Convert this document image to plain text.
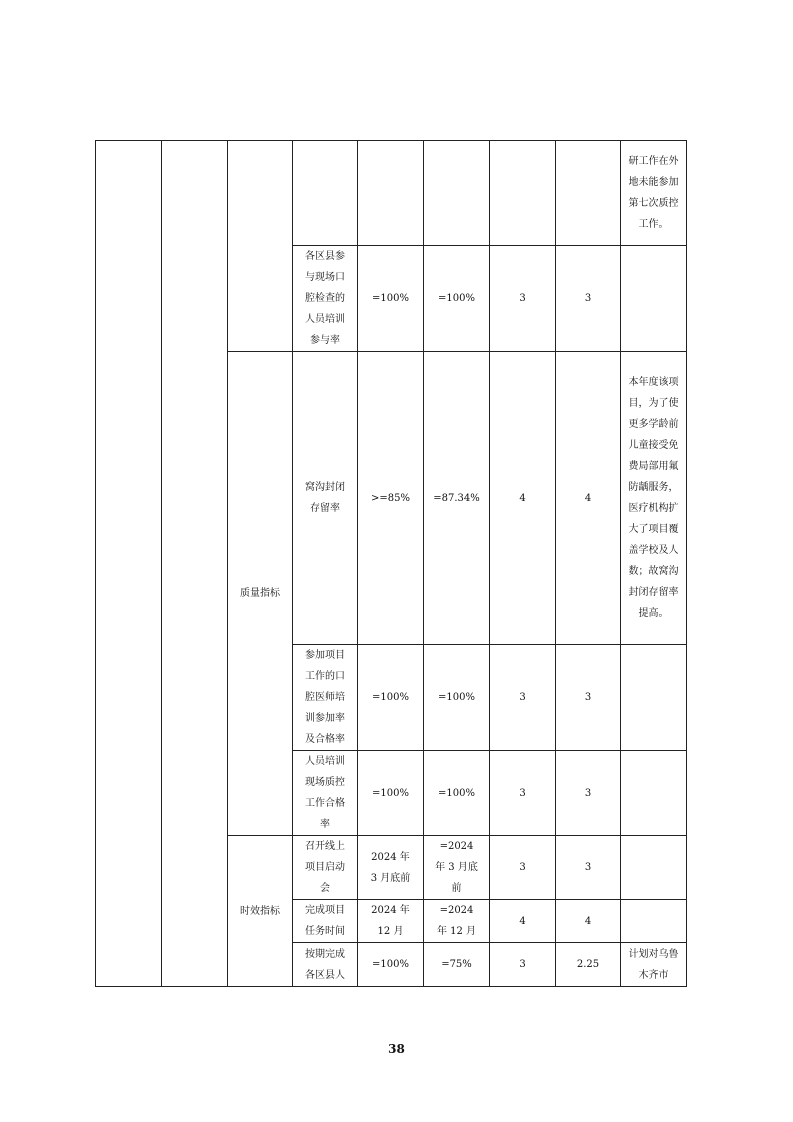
								研工作在外地未能参加第七次质控工作。
			各区县参与现场口腔检查的人员培训参与率	=100%	=100%	3	3	
		质量指标	窝沟封闭存留率	>=85%	=87.34%	4	4	本年度该项目，为了使更多学龄前儿童接受免费局部用氟防龋服务，医疗机构扩大了项目覆盖学校及人数；故窝沟封闭存留率提高。
			参加项目工作的口腔医师培训参加率及合格率	=100%	=100%	3	3	
			人员培训现场质控工作合格率	=100%	=100%	3	3	
		时效指标	召开线上项目启动会	2024 年 3 月底前	=2024 年 3 月底前	3	3	
			完成项目任务时间	2024 年 12 月	=2024 年 12 月	4	4	
			按期完成各区县人	=100%	=75%	3	2.25	计划对乌鲁木齐市
38
